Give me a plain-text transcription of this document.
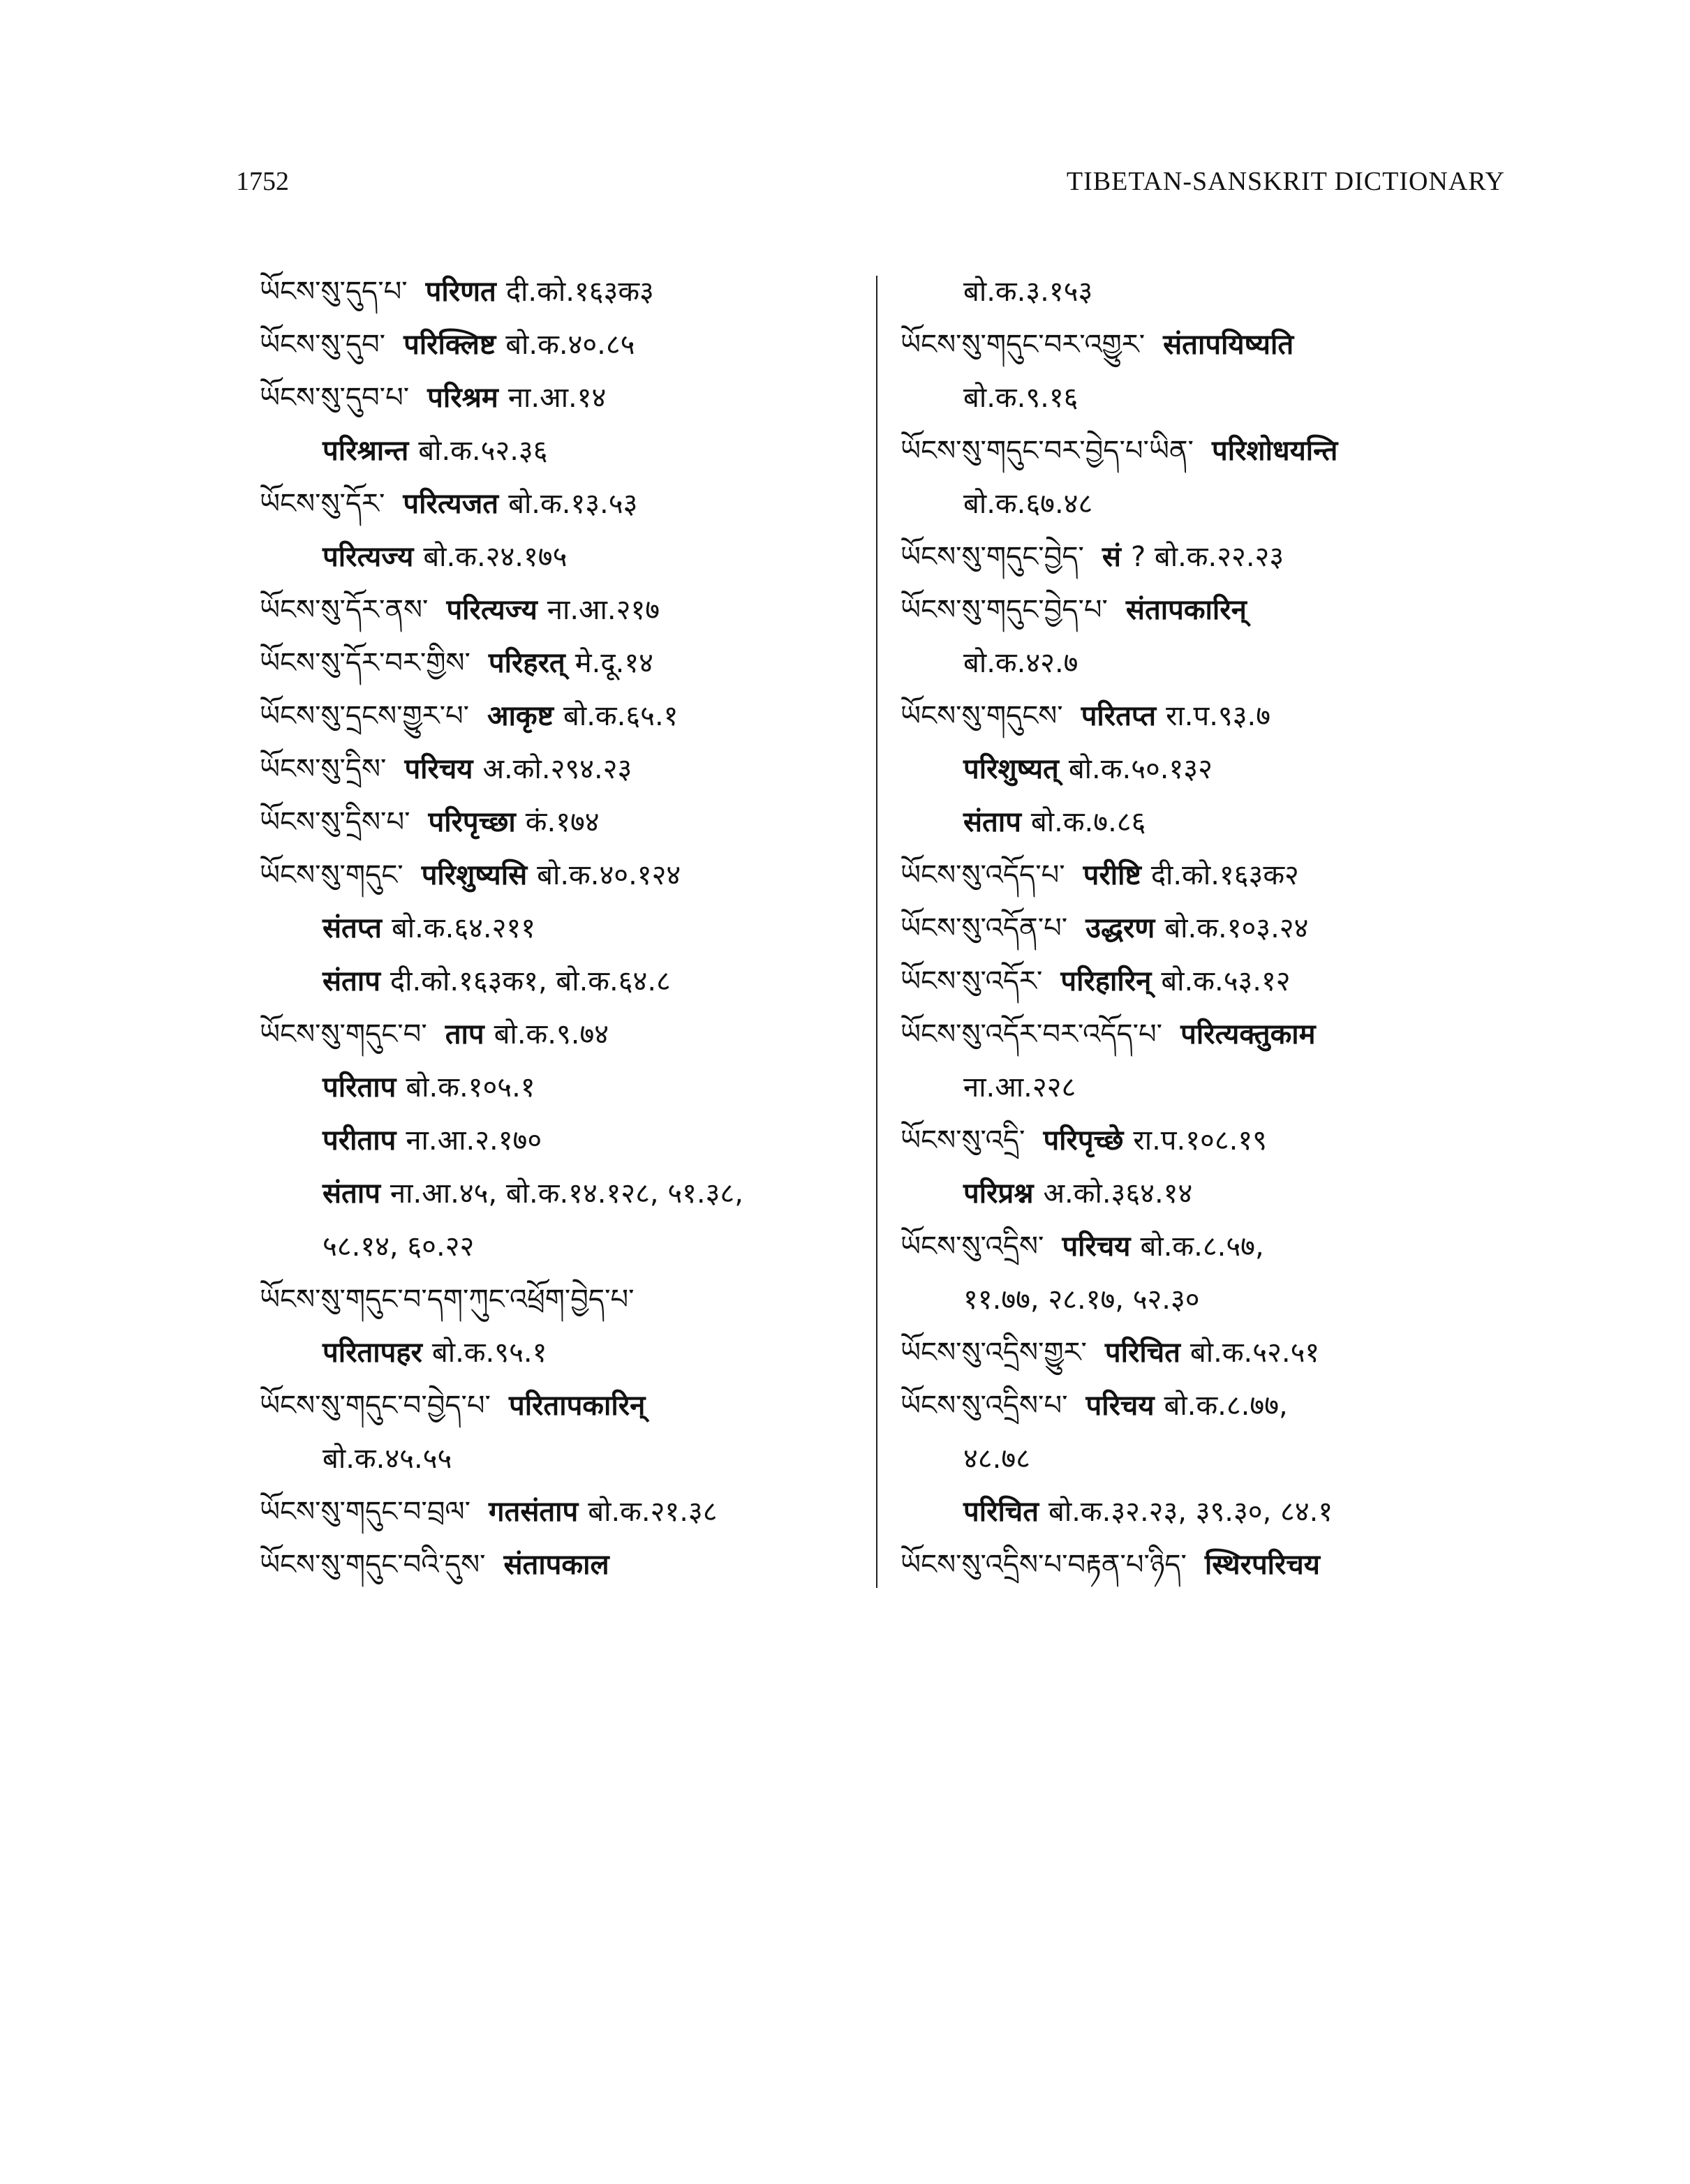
1752	TIBETAN-SANSKRIT DICTIONARY
ཡོངས་སུ་དུད་པ་ परिणत दी.को.१६३क३
ཡོངས་སུ་དུབ་ परिक्लिष्ट बो.क.४०.८५
ཡོངས་སུ་དུབ་པ་ परिश्रम ना.आ.१४
परिश्रान्त बो.क.५२.३६
ཡོངས་སུ་དོར་ परित्यजत बो.क.१३.५३
परित्यज्य बो.क.२४.१७५
ཡོངས་སུ་དོར་ནས་ परित्यज्य ना.आ.२१७
ཡོངས་སུ་དོར་བར་གྱིས་ परिहरत् मे.दू.१४
ཡོངས་སུ་དྲངས་གྱུར་པ་ आकृष्ट बो.क.६५.१
ཡོངས་སུ་དྲིས་ परिचय अ.को.२९४.२३
ཡོངས་སུ་དྲིས་པ་ परिपृच्छा कं.१७४
ཡོངས་སུ་གདུང་ परिशुष्यसि बो.क.४०.१२४
संतप्त बो.क.६४.२११
संताप दी.को.१६३क१, बो.क.६४.८
ཡོངས་སུ་གདུང་བ་ ताप बो.क.९.७४
परिताप बो.क.१०५.१
परीताप ना.आ.२.१७०
संताप ना.आ.४५, बो.क.१४.१२८, ५१.३८,
५८.१४, ६०.२२
ཡོངས་སུ་གདུང་བ་དག་ཀུང་འཕྲོག་བྱེད་པ་
परितापहर बो.क.९५.१
ཡོངས་སུ་གདུང་བ་བྱེད་པ་ परितापकारिन्
बो.क.४५.५५
ཡོངས་སུ་གདུང་བ་བྲལ་ गतसंताप बो.क.२१.३८
ཡོངས་སུ་གདུང་བའི་དུས་ संतापकाल
बो.क.३.१५३
ཡོངས་སུ་གདུང་བར་འགྱུར་ संतापयिष्यति
बो.क.९.१६
ཡོངས་སུ་གདུང་བར་བྱེད་པ་ཡིན་ परिशोधयन्ति
बो.क.६७.४८
ཡོངས་སུ་གདུང་བྱེད་ सं ? बो.क.२२.२३
ཡོངས་སུ་གདུང་བྱེད་པ་ संतापकारिन्
बो.क.४२.७
ཡོངས་སུ་གདུངས་ परितप्त रा.प.९३.७
परिशुष्यत् बो.क.५०.१३२
संताप बो.क.७.८६
ཡོངས་སུ་འདོད་པ་ परीष्टि दी.को.१६३क२
ཡོངས་སུ་འདོན་པ་ उद्धरण बो.क.१०३.२४
ཡོངས་སུ་འདོར་ परिहारिन् बो.क.५३.१२
ཡོངས་སུ་འདོར་བར་འདོད་པ་ परित्यक्तुकाम
ना.आ.२२८
ཡོངས་སུ་འདྲི་ परिपृच्छे रा.प.१०८.१९
परिप्रश्न अ.को.३६४.१४
ཡོངས་སུ་འདྲིས་ परिचय बो.क.८.५७,
११.७७, २८.१७, ५२.३०
ཡོངས་སུ་འདྲིས་གྱུར་ परिचित बो.क.५२.५१
ཡོངས་སུ་འདྲིས་པ་ परिचय बो.क.८.७७,
४८.७८
परिचित बो.क.३२.२३, ३९.३०, ८४.१
ཡོངས་སུ་འདྲིས་པ་བརྟན་པ་ཉིད་ स्थिरपरिचय
